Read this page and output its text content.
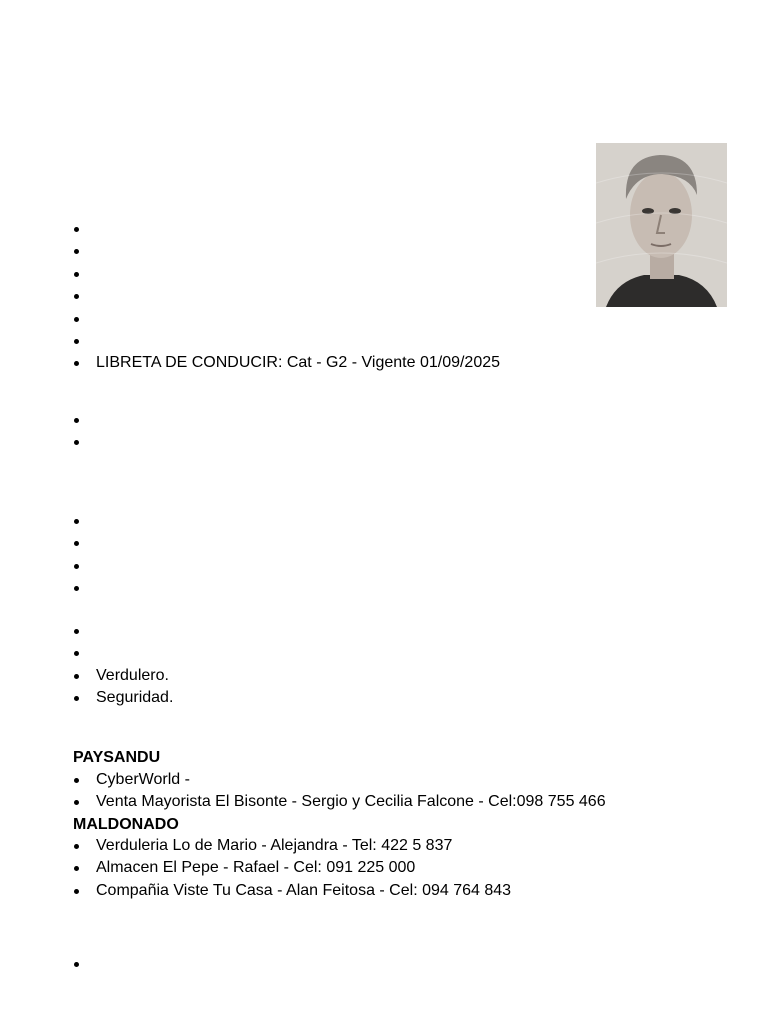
LIBRETA DE CONDUCIR: Cat - G2 - Vigente 01/09/2025
Verdulero.
Seguridad.
PAYSANDU
CyberWorld -
Venta Mayorista El Bisonte - Sergio y Cecilia Falcone - Cel:098 755 466
MALDONADO
Verduleria Lo de Mario - Alejandra - Tel: 422 5 837
Almacen El Pepe - Rafael - Cel: 091 225 000
Compañia Viste Tu Casa - Alan Feitosa - Cel: 094 764 843
